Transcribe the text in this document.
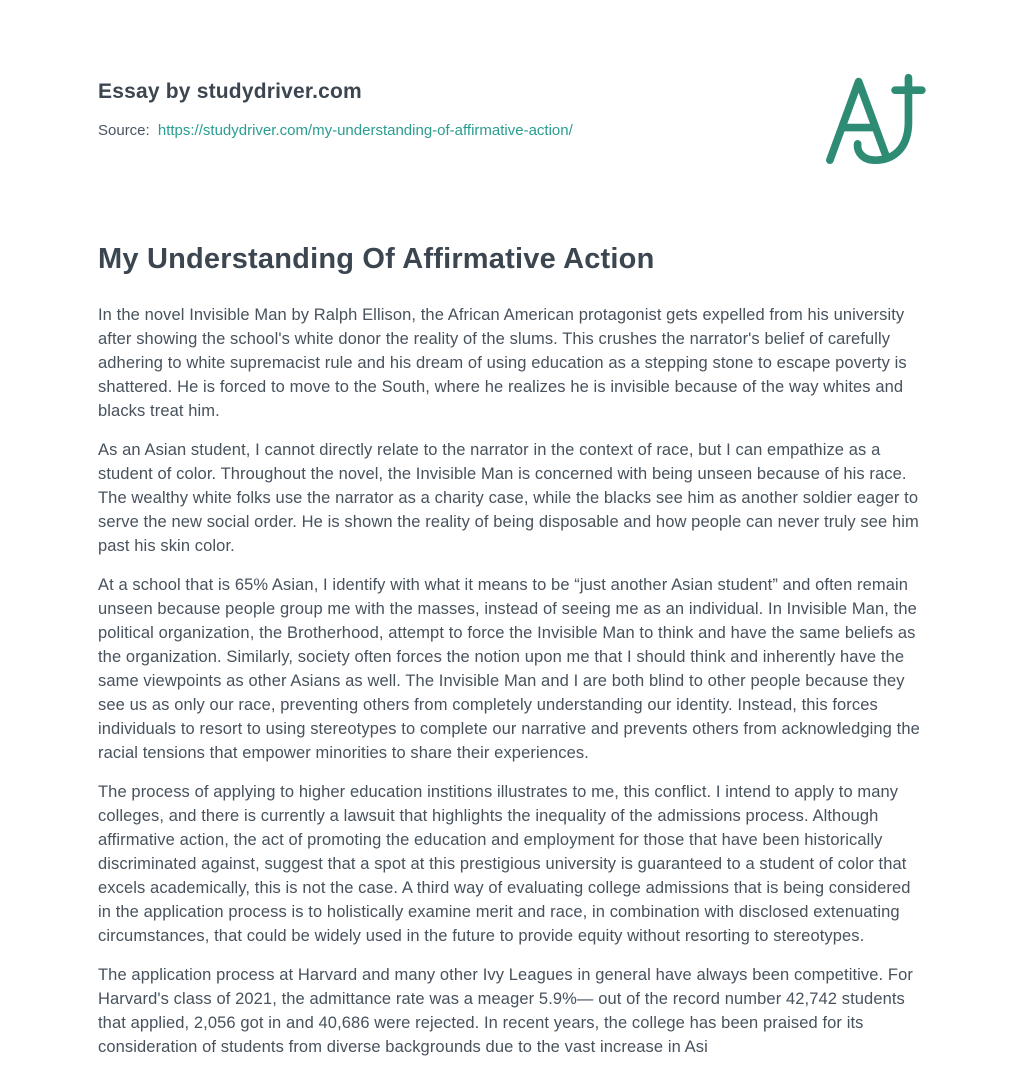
Essay by studydriver.com
Source: https://studydriver.com/my-understanding-of-affirmative-action/
My Understanding Of Affirmative Action

In the novel Invisible Man by Ralph Ellison, the African American protagonist gets expelled from his university after showing the school's white donor the reality of the slums. This crushes the narrator's belief of carefully adhering to white supremacist rule and his dream of using education as a stepping stone to escape poverty is shattered. He is forced to move to the South, where he realizes he is invisible because of the way whites and blacks treat him.

As an Asian student, I cannot directly relate to the narrator in the context of race, but I can empathize as a student of color. Throughout the novel, the Invisible Man is concerned with being unseen because of his race. The wealthy white folks use the narrator as a charity case, while the blacks see him as another soldier eager to serve the new social order. He is shown the reality of being disposable and how people can never truly see him past his skin color.

At a school that is 65% Asian, I identify with what it means to be “just another Asian student” and often remain unseen because people group me with the masses, instead of seeing me as an individual. In Invisible Man, the political organization, the Brotherhood, attempt to force the Invisible Man to think and have the same beliefs as the organization. Similarly, society often forces the notion upon me that I should think and inherently have the same viewpoints as other Asians as well. The Invisible Man and I are both blind to other people because they see us as only our race, preventing others from completely understanding our identity. Instead, this forces individuals to resort to using stereotypes to complete our narrative and prevents others from acknowledging the racial tensions that empower minorities to share their experiences.

The process of applying to higher education institions illustrates to me, this conflict. I intend to apply to many colleges, and there is currently a lawsuit that highlights the inequality of the admissions process. Although affirmative action, the act of promoting the education and employment for those that have been historically discriminated against, suggest that a spot at this prestigious university is guaranteed to a student of color that excels academically, this is not the case. A third way of evaluating college admissions that is being considered in the application process is to holistically examine merit and race, in combination with disclosed extenuating circumstances, that could be widely used in the future to provide equity without resorting to stereotypes.

The application process at Harvard and many other Ivy Leagues in general have always been competitive. For Harvard's class of 2021, the admittance rate was a meager 5.9%— out of the record number 42,742 students that applied, 2,056 got in and 40,686 were rejected. In recent years, the college has been praised for its consideration of students from diverse backgrounds due to the vast increase in Asi
